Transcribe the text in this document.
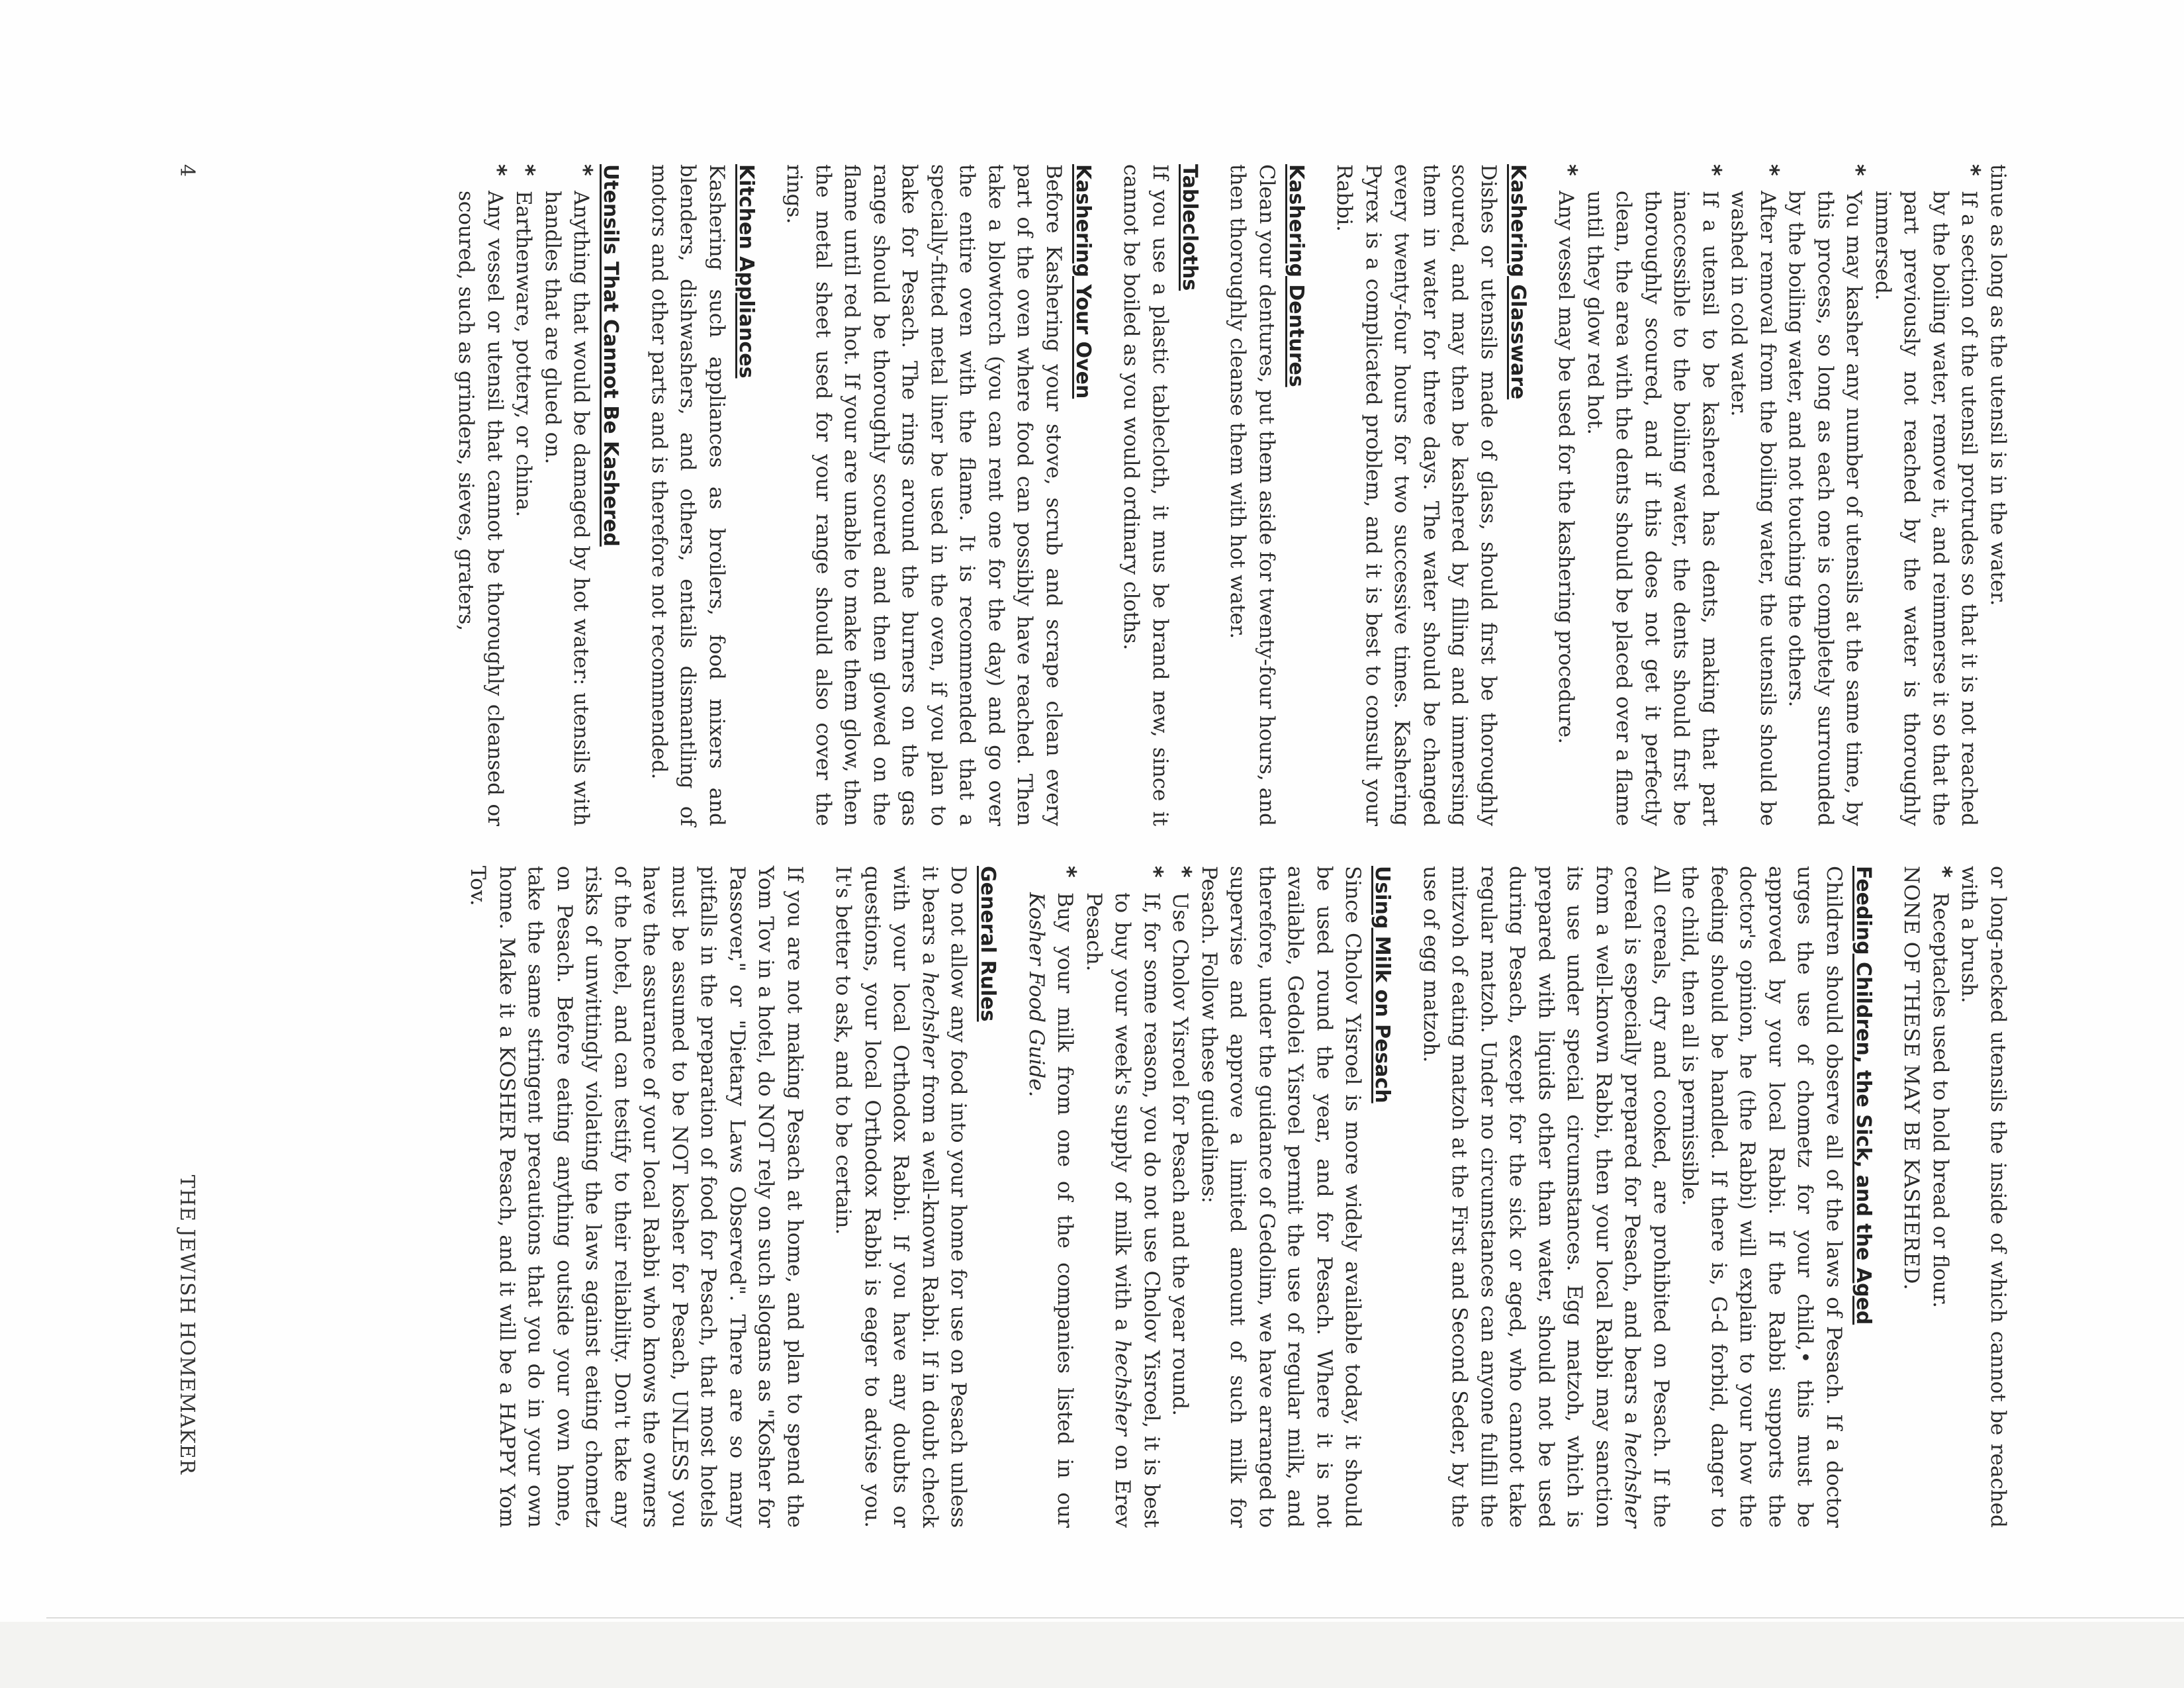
tinue as long as the utensil is in the water.

*
If a section of the utensil protrudes so that it is not reached by the boiling water, remove it, and reimmerse it so that the part previously not reached by the water is thoroughly immersed.

*
You may kasher any number of utensils at the same time, by this process, so long as each one is completely surrounded by the boiling water, and not touching the others.

*
After removal from the boiling water, the utensils should be washed in cold water.

*
If a utensil to be kashered has dents, making that part inaccessible to the boiling water, the dents should first be thoroughly scoured, and if this does not get it perfectly clean, the area with the dents should be placed over a flame until they glow red hot.

*
Any vessel may be used for the kashering procedure.

Kashering Glassware

Dishes or utensils made of glass, should first be thoroughly scoured, and may then be kashered by filling and immersing them in water for three days. The water should be changed every twenty-four hours for two successive times. Kashering Pyrex is a complicated problem, and it is best to consult your Rabbi.

Kashering Dentures

Clean your dentures, put them aside for twenty-four hours, and then thoroughly cleanse them with hot water.

Tablecloths

If you use a plastic tablecloth, it mus be brand new, since it cannot be boiled as you would ordinary cloths.

Kashering Your Oven

Before Kashering your stove, scrub and scrape clean every part of the oven where food can possibly have reached. Then take a blowtorch (you can rent one for the day) and go over the entire oven with the flame. It is recommended that a specially-fitted metal liner be used in the oven, if you plan to bake for Pesach. The rings around the burners on the gas range should be thoroughly scoured and then glowed on the flame until red hot. If your are unable to make them glow, then the metal sheet used for your range should also cover the rings.

Kitchen Appliances

Kashering such appliances as broilers, food mixers and blenders, dishwashers, and others, entails dismantling of motors and other parts and is therefore not recommended.

Utensils That Cannot Be Kashered

*
Anything that would be damaged by hot water: utensils with handles that are glued on.

*
Earthenware, pottery, or china.

*
Any vessel or utensil that cannot be thoroughly cleansed or scoured, such as grinders, sieves, graters,

or long-necked utensils the inside of which cannot be reached with a brush.

*
Receptacles used to hold bread or flour.

NONE OF THESE MAY BE KASHERED.

Feeding Children, the Sick, and the Aged

Children should observe all of the laws of Pesach. If a doctor urges the use of chometz for your child,• this must be approved by your local Rabbi. If the Rabbi supports the doctor's opinion, he (the Rabbi) will explain to your how the feeding should be handled. If there is, G-d forbid, danger to the child, then all is permissible.

All cereals, dry and cooked, are prohibited on Pesach. If the cereal is especially prepared for Pesach, and bears a hechsher from a well-known Rabbi, then your local Rabbi may sanction its use under special circumstances. Egg matzoh, which is prepared with liquids other than water, should not be used during Pesach, except for the sick or aged, who cannot take regular matzoh. Under no circumstances can anyone fulfill the mitzvoh of eating matzoh at the First and Second Seder, by the use of egg matzoh.

Using Milk on Pesach

Since Cholov Yisroel is more widely available today, it should be used round the year, and for Pesach. Where it is not available, Gedolei Yisroel permit the use of regular milk, and therefore, under the guidance of Gedolim, we have arranged to supervise and approve a limited amount of such milk for Pesach. Follow these guidelines:

*
Use Cholov Yisroel for Pesach and the year round.

*
If, for some reason, you do not use Cholov Yisroel, it is best to buy your week's supply of milk with a hechsher on Erev Pesach.

*
Buy your milk from one of the companies listed in our Kosher Food Guide.

General Rules

Do not allow any food into your home for use on Pesach unless it bears a hechsher from a well-known Rabbi. If in doubt check with your local Orthodox Rabbi. If you have any doubts or questions, your local Orthodox Rabbi is eager to advise you. It's better to ask, and to be certain.

If you are not making Pesach at home, and plan to spend the Yom Tov in a hotel, do NOT rely on such slogans as "Kosher for Passover," or "Dietary Laws Observed". There are so many pitfalls in the preparation of food for Pesach, that most hotels must be assumed to be NOT kosher for Pesach, UNLESS you have the assurance of your local Rabbi who knows the owners of the hotel, and can testify to their reliability. Don't take any risks of unwittingly violating the laws against eating chometz on Pesach. Before eating anything outside your own home, take the same stringent precautions that you do in your own home. Make it a KOSHER Pesach, and it will be a HAPPY Yom Tov.

4
THE JEWISH HOMEMAKER
